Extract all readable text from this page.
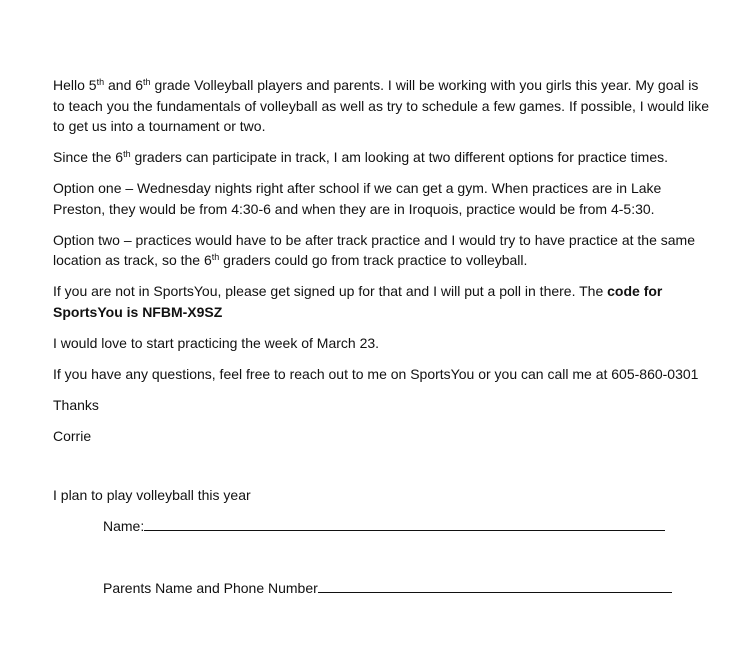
Hello 5th and 6th grade Volleyball players and parents. I will be working with you girls this year. My goal is to teach you the fundamentals of volleyball as well as try to schedule a few games. If possible, I would like to get us into a tournament or two.

Since the 6th graders can participate in track, I am looking at two different options for practice times.

Option one – Wednesday nights right after school if we can get a gym. When practices are in Lake Preston, they would be from 4:30-6 and when they are in Iroquois, practice would be from 4-5:30.

Option two – practices would have to be after track practice and I would try to have practice at the same location as track, so the 6th graders could go from track practice to volleyball.

If you are not in SportsYou, please get signed up for that and I will put a poll in there. The code for SportsYou is NFBM-X9SZ

I would love to start practicing the week of March 23.

If you have any questions, feel free to reach out to me on SportsYou or you can call me at 605-860-0301

Thanks

Corrie

I plan to play volleyball this year
Name:
Parents Name and Phone Number
